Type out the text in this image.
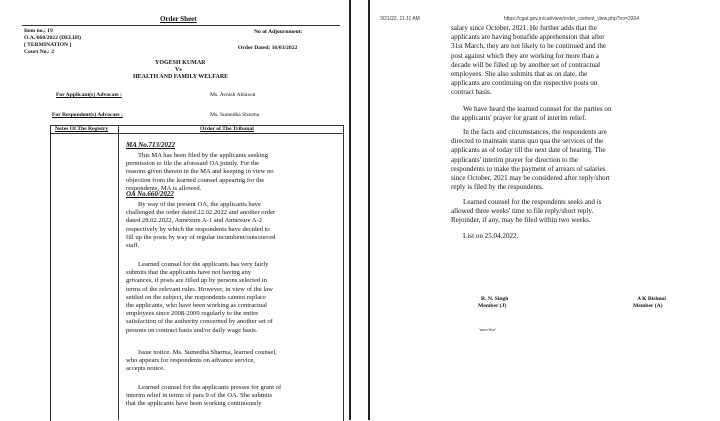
Order Sheet
Item no.: 19
O.A./660/2022 (DELHI)
[ TERMINATION ]
Court No.: 2
No of Adjournment:
Order Dated: 16/03/2022
YOGESH KUMAR
Vs
HEALTH AND FAMILY WELFARE
For Applicant(s) Advocate :	Ms. Avnish Ahlawat
For Respondent(s) Advocate :	Ms. Sumedha Sharma
Notes Of The Registry	Order of The Tribunal
MA No.713/2022
This MA has been filed by the applicants seeking
permission to file the aforesaid OA jointly. For the
reasons given therein in the MA and keeping in view no
objection from the learned counsel appearing for the
respondents, MA is allowed.
OA No.660/2022
By way of the present OA, the applicants have
challenged the order dated 22.02.2022 and another order
dated 28.02.2022, Annexure A-1 and Annexure A-2
respectively by which the respondents have decided to
fill up the posts by way of regular incumbent/outsourced
staff.
Learned counsel for the applicants has very fairly
submits that the applicants have not having any
grivances, if posts are filled up by persons selected in
terms of the relevant rules. However, in view of the law
settled on the subject, the respondents cannot replace
the applicants, who have been working as contractual
employees since 2008-2009 regularly to the entire
satisfaction of the authority concerned by another set of
persons on contract basis and/or daily wage basis.
Issue notice. Ms. Sumedha Sharma, learned counsel,
who appears for respondents on advance service,
accepts notice.
Learned counsel for the applicants presses for grant of
interim relief in terms of para 9 of the OA. She submits
that the applicants have been working continuously
3/21/22, 11:11 AM	https://cgat.gov.in/cat/view/order_content_view.php?no=3304
salary since October, 2021. He further adds that the
applicants are having bonafide apprehension that after
31st March, they are not likely to be continued and the
post against which they are working for more than a
decade will be filled up by another set of contractual
employees. She also submits that as on date, the
applicants are continuing on the respective posts on
contract basis.
We have heard the learned counsel for the parties on
the applicants' prayer for grant of interim relief.
In the facts and circumstances, the respondents are
directed to maintain status quo qua the services of the
applicants as of today till the next date of hearing. The
applicants' interim prayer for direction to the
respondents to make the payment of arrears of salaries
since October, 2021 may be considered after reply/short
reply is filed by the respondents.
Learned counsel for the respondents seeks and is
allowed three weeks' time to file reply/short reply.
Rejoinder, if any, may be filed within two weeks.
List on 25.04.2022.
R. N. Singh
Member (J)
A K Bishnoi
Member (A)
'nmv/dsn'
